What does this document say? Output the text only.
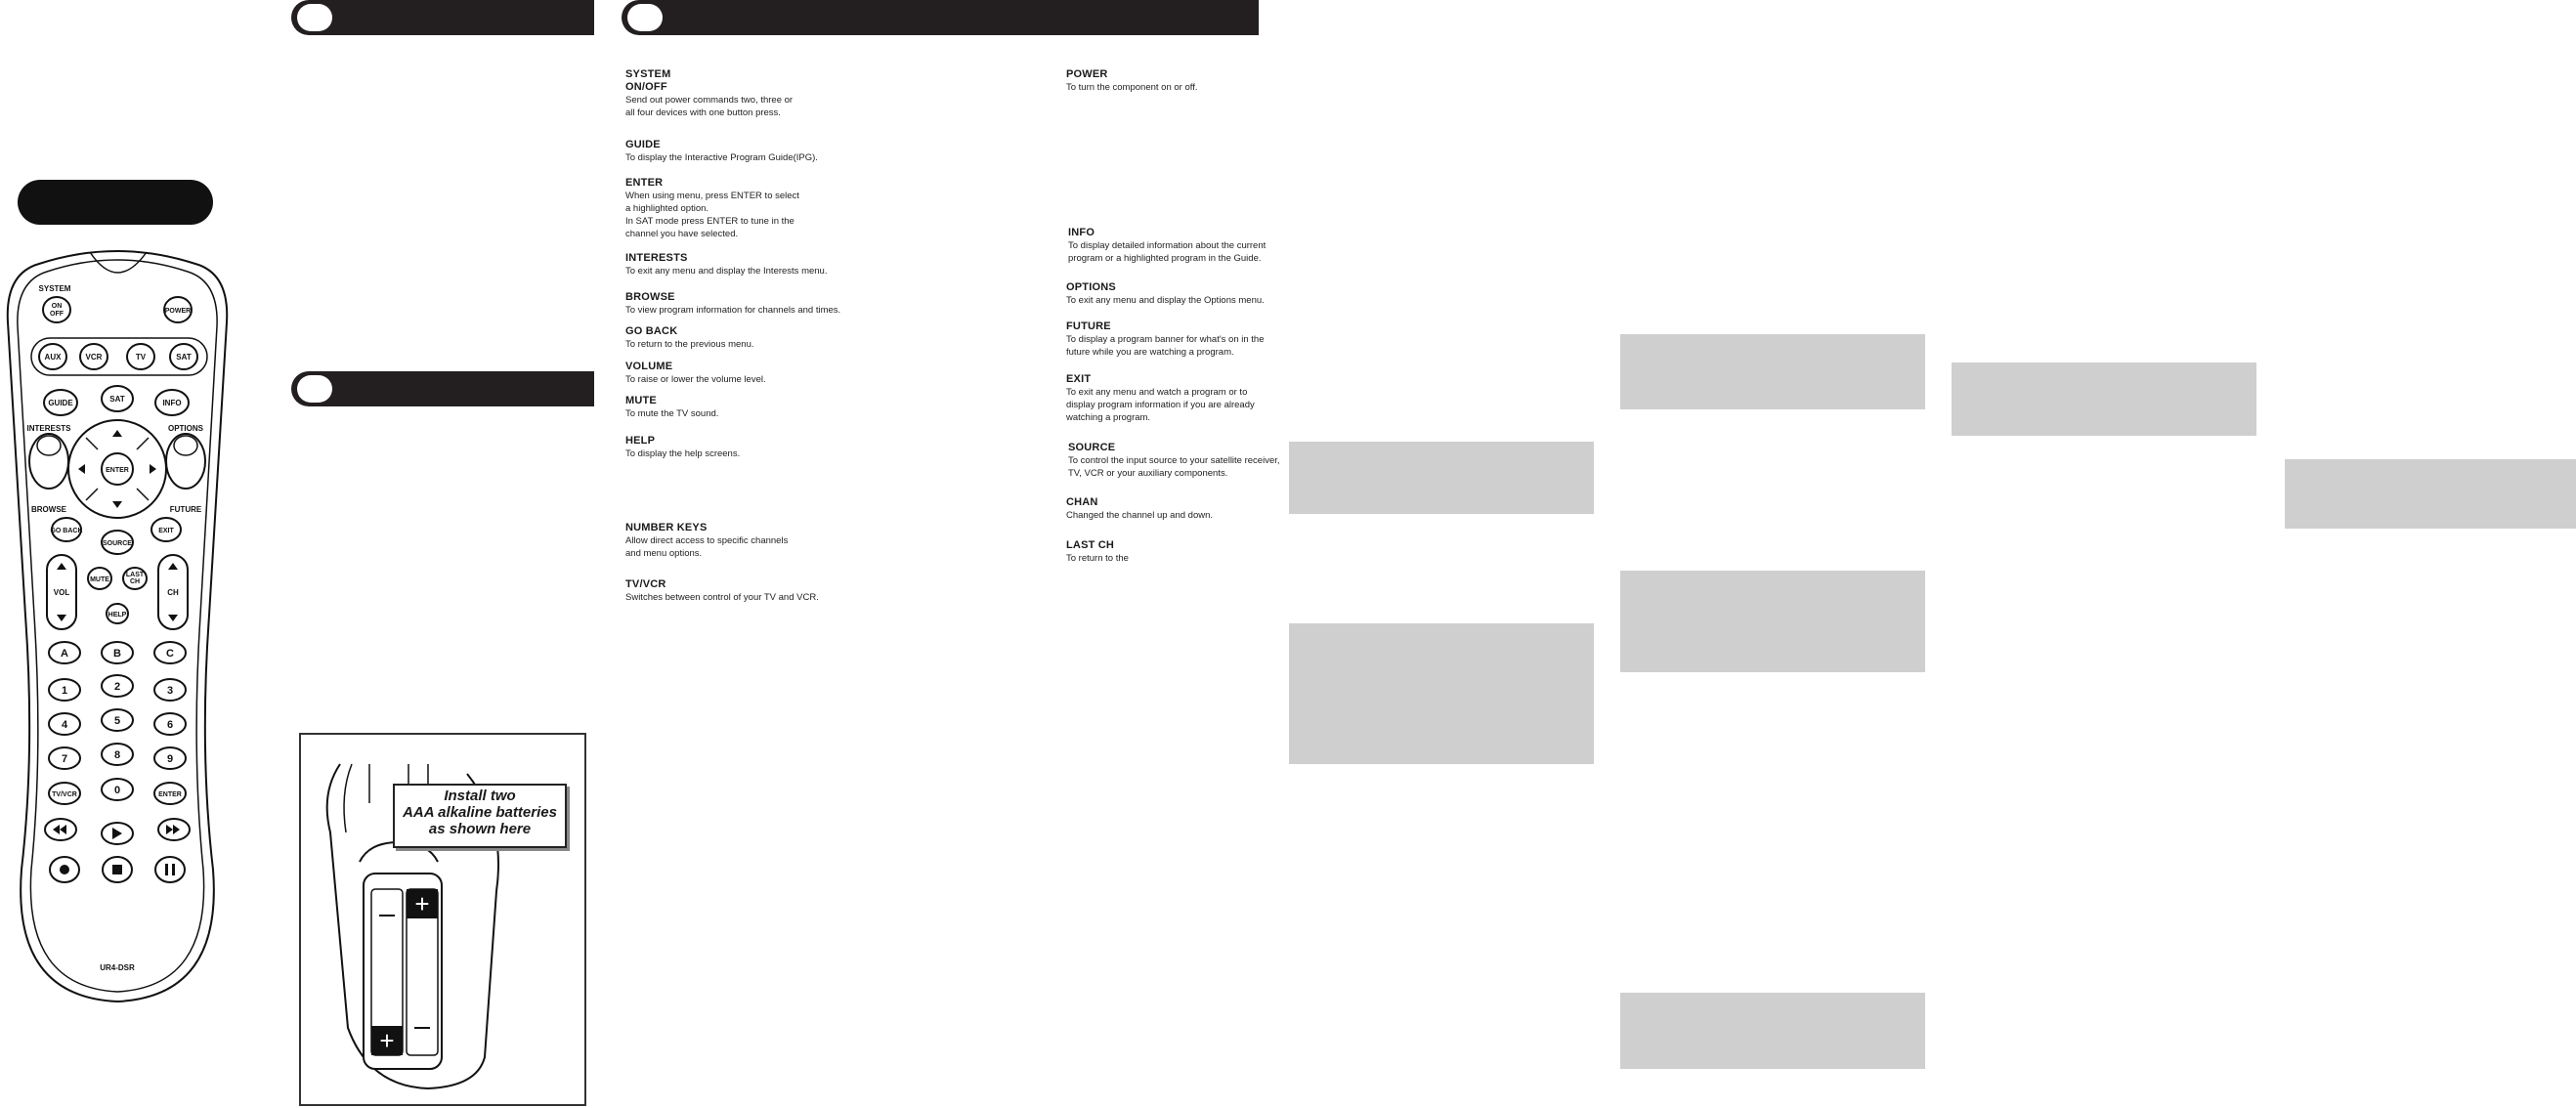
SYSTEM
ON
OFF	POWER
AUX	VCR	TV	SAT
GUIDE	SAT	INFO
INTERESTS	OPTIONS
ENTER
BROWSE	FUTURE
GO BACK
SOURCE
EXIT
VOL	CH
MUTE
LAST
CH
HELP
A	B	C
1	2	3
4	5	6
7	8	9
TV/VCR	0	ENTER
UR4-DSR
+
+
Install two
AAA alkaline batteries
as shown here
SYSTEM
ON/OFF
Send out power commands two, three or
all four devices with one button press.
GUIDE
To display the Interactive Program Guide(IPG).
ENTER
When using menu, press ENTER to select
a highlighted option.
In SAT mode press ENTER to tune in the
channel you have selected.
INTERESTS
To exit any menu and display the Interests menu.
BROWSE
To view program information for channels and times.
GO BACK
To return to the previous menu.
VOLUME
To raise or lower the volume level.
MUTE
To mute the TV sound.
HELP
To display the help screens.
NUMBER KEYS
Allow direct access to specific channels
and menu options.
TV/VCR
Switches between control of your TV and VCR.
POWER
To turn the component on or off.
INFO
To display detailed information about the current
program or a highlighted program in the Guide.
OPTIONS
To exit any menu and display the Options menu.
FUTURE
To display a program banner for what's on in the
future while you are watching a program.
EXIT
To exit any menu and watch a program or to
display program information if you are already
watching a program.
SOURCE
To control the input source to your satellite receiver,
TV, VCR or your auxiliary components.
CHAN
Changed the channel up and down.
LAST CH
To return to the
